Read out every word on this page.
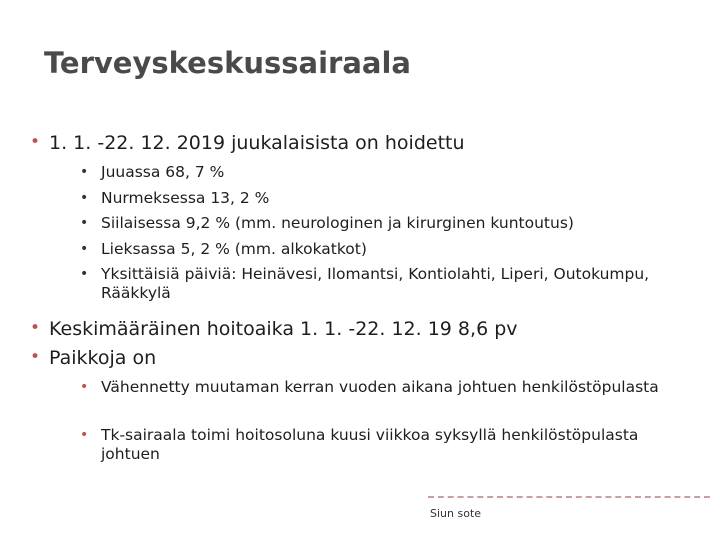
Terveyskeskussairaala
• 1. 1. -22. 12. 2019 juukalaisista on hoidettu
• Juuassa 68, 7 %
• Nurmeksessa 13, 2 %
• Siilaisessa 9,2 % (mm. neurologinen ja kirurginen kuntoutus)
• Lieksassa 5, 2 % (mm. alkokatkot)
• Yksittäisiä päiviä: Heinävesi, Ilomantsi, Kontiolahti, Liperi, Outokumpu, Rääkkylä
• Keskimääräinen hoitoaika 1. 1. -22. 12. 19 8,6 pv
• Paikkoja on
• Vähennetty muutaman kerran vuoden aikana johtuen henkilöstöpulasta
• Tk-sairaala toimi hoitosoluna kuusi viikkoa syksyllä henkilöstöpulasta johtuen
Siun sote
